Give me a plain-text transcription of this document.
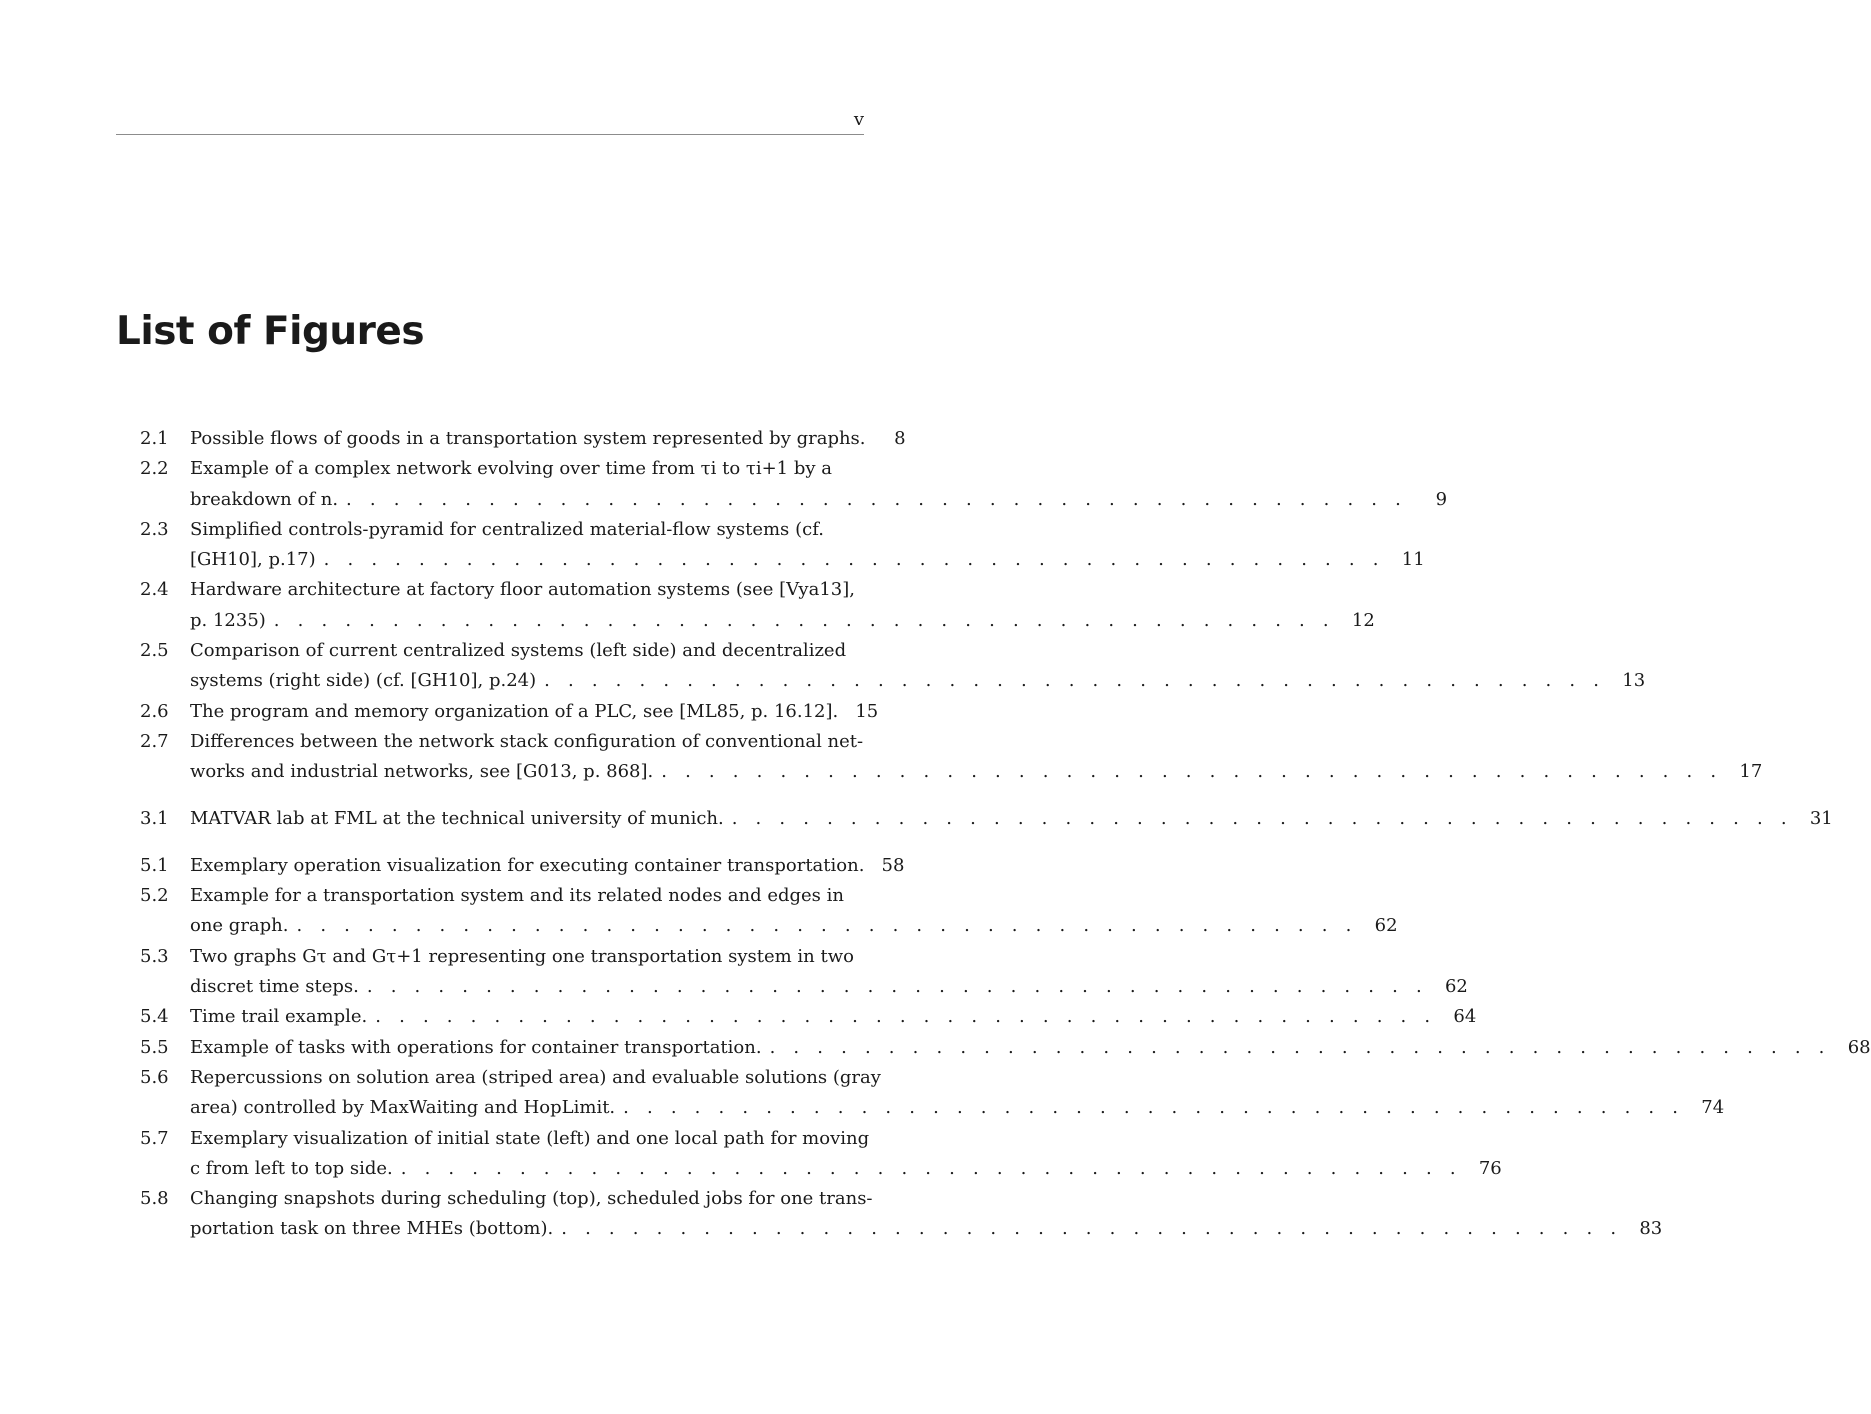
v
List of Figures
2.1	Possible flows of goods in a transportation system represented by graphs.	8
2.2	Example of a complex network evolving over time from τi to τi+1 by a
breakdown of n. . . . . . . . . . . . . . . . . . . . . . . . . . . . . . . . . . . . . . . . . . . . . .	9
2.3	Simplified controls-pyramid for centralized material-flow systems (cf.
[GH10], p.17) . . . . . . . . . . . . . . . . . . . . . . . . . . . . . . . . . . . . . . . . . . . . . 11
2.4	Hardware architecture at factory floor automation systems (see [Vya13],
p. 1235) . . . . . . . . . . . . . . . . . . . . . . . . . . . . . . . . . . . . . . . . . . . . . 12
2.5	Comparison of current centralized systems (left side) and decentralized
systems (right side) (cf. [GH10], p.24) . . . . . . . . . . . . . . . . . . . . . . . . . . . . . . . . . . . . . . . . . . . . . 13
2.6	The program and memory organization of a PLC, see [ML85, p. 16.12]. 15
2.7	Differences between the network stack configuration of conventional net-
works and industrial networks, see [G013, p. 868]. . . . . . . . . . . . . . . . . . . . . . . . . . . . . . . . . . . . . . . . . . . . . . 17
3.1	MATVAR lab at FML at the technical university of munich. . . . . . . . . . . . . . . . . . . . . . . . . . . . . . . . . . . . . . . . . . . . . . 31
5.1	Exemplary operation visualization for executing container transportation. 58
5.2	Example for a transportation system and its related nodes and edges in
one graph. . . . . . . . . . . . . . . . . . . . . . . . . . . . . . . . . . . . . . . . . . . . . . 62
5.3	Two graphs Gτ and Gτ+1 representing one transportation system in two
discret time steps. . . . . . . . . . . . . . . . . . . . . . . . . . . . . . . . . . . . . . . . . . . . . . 62
5.4	Time trail example. . . . . . . . . . . . . . . . . . . . . . . . . . . . . . . . . . . . . . . . . . . . . . 64
5.5	Example of tasks with operations for container transportation. . . . . . . . . . . . . . . . . . . . . . . . . . . . . . . . . . . . . . . . . . . . . . 68
5.6	Repercussions on solution area (striped area) and evaluable solutions (gray
area) controlled by MaxWaiting and HopLimit. . . . . . . . . . . . . . . . . . . . . . . . . . . . . . . . . . . . . . . . . . . . . . 74
5.7	Exemplary visualization of initial state (left) and one local path for moving
c from left to top side. . . . . . . . . . . . . . . . . . . . . . . . . . . . . . . . . . . . . . . . . . . . . . 76
5.8	Changing snapshots during scheduling (top), scheduled jobs for one trans-
portation task on three MHEs (bottom). . . . . . . . . . . . . . . . . . . . . . . . . . . . . . . . . . . . . . . . . . . . . . 83
